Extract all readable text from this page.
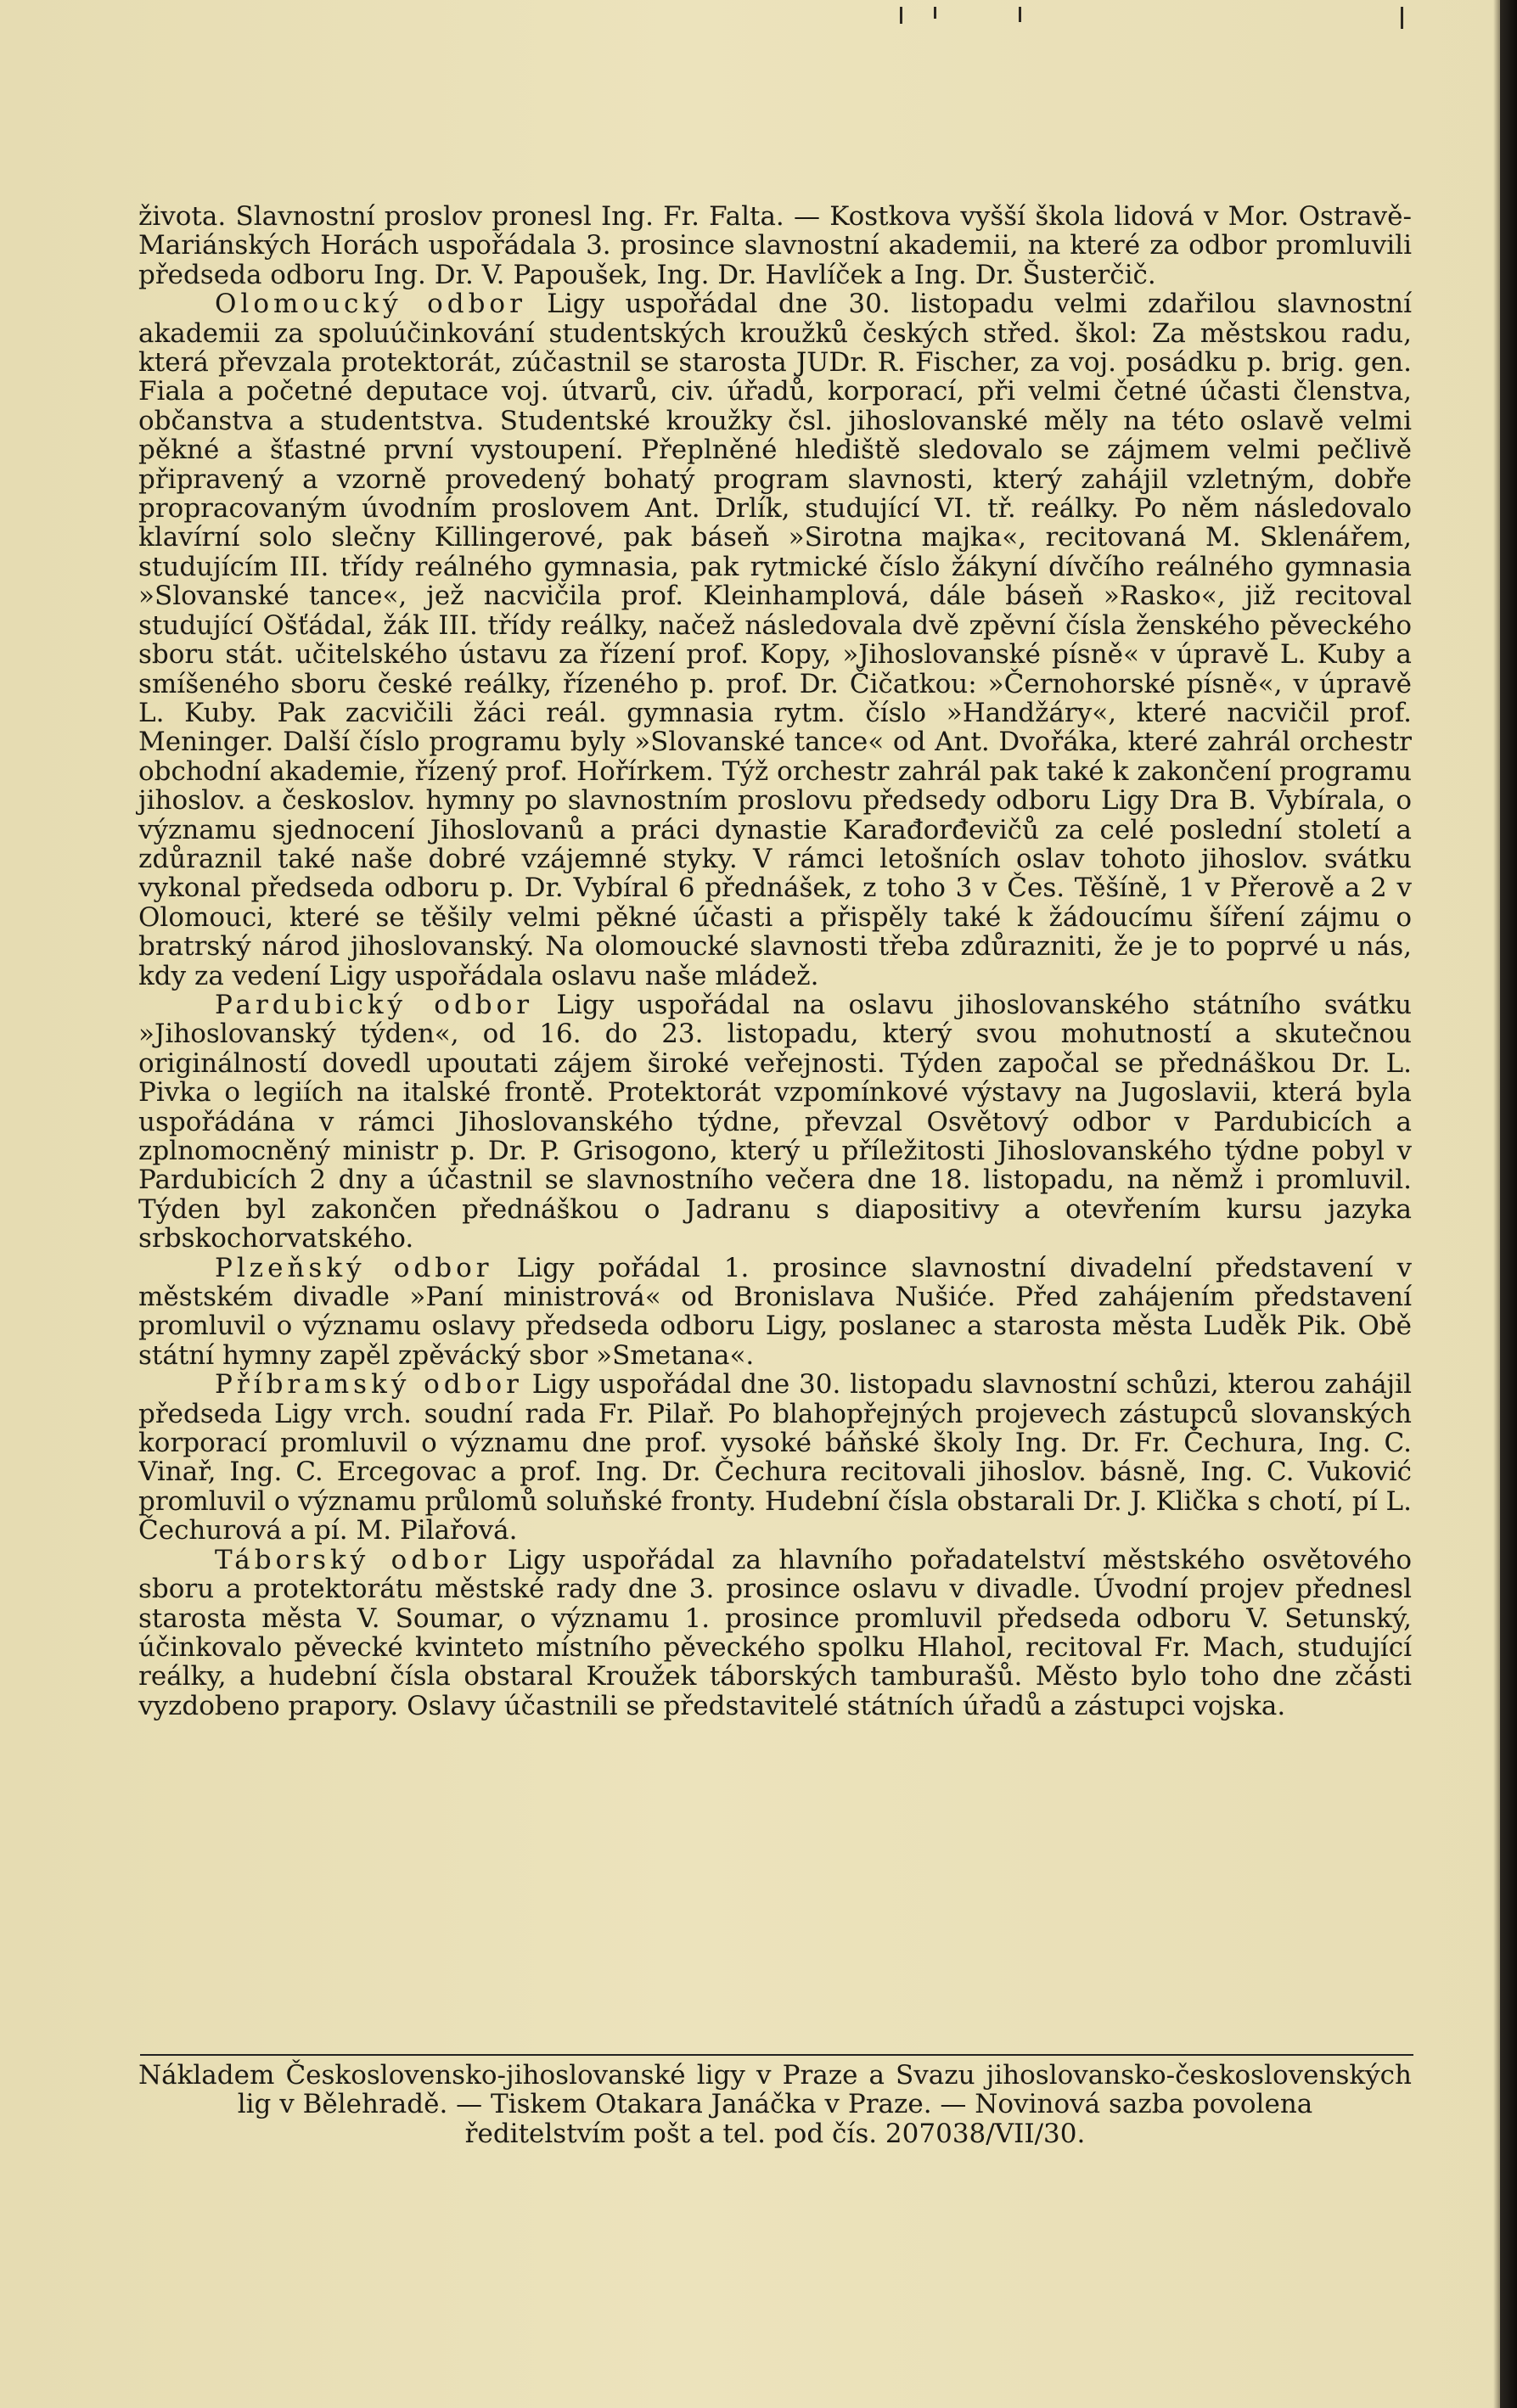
života. Slavnostní proslov pronesl Ing. Fr. Falta. — Kostkova vyšší škola lidová v Mor. Ostravě-Mariánských Horách uspořádala 3. prosince slavnostní akademii, na které za odbor promluvili předseda odboru Ing. Dr. V. Papoušek, Ing. Dr. Havlíček a Ing. Dr. Šusterčič.

Olomoucký odbor Ligy uspořádal dne 30. listopadu velmi zdařilou slavnostní akademii za spoluúčinkování studentských kroužků českých střed. škol: Za městskou radu, která převzala protektorát, zúčastnil se starosta JUDr. R. Fischer, za voj. posádku p. brig. gen. Fiala a početné deputace voj. útvarů, civ. úřadů, korporací, při velmi četné účasti členstva, občanstva a studentstva. Studentské kroužky čsl. jihoslovanské měly na této oslavě velmi pěkné a šťastné první vystoupení. Přeplněné hlediště sledovalo se zájmem velmi pečlivě připravený a vzorně provedený bohatý program slavnosti, který zahájil vzletným, dobře propracovaným úvodním proslovem Ant. Drlík, studující VI. tř. reálky. Po něm následovalo klavírní solo slečny Killingerové, pak báseň »Sirotna majka«, recitovaná M. Sklenářem, studujícím III. třídy reálného gymnasia, pak rytmické číslo žákyní dívčího reálného gymnasia »Slovanské tance«, jež nacvičila prof. Kleinhamplová, dále báseň »Rasko«, již recitoval studující Ošťádal, žák III. třídy reálky, načež následovala dvě zpěvní čísla ženského pěveckého sboru stát. učitelského ústavu za řízení prof. Kopy, »Jihoslovanské písně« v úpravě L. Kuby a smíšeného sboru české reálky, řízeného p. prof. Dr. Čičatkou: »Černohorské písně«, v úpravě L. Kuby. Pak zacvičili žáci reál. gymnasia rytm. číslo »Handžáry«, které nacvičil prof. Meninger. Další číslo programu byly »Slovanské tance« od Ant. Dvořáka, které zahrál orchestr obchodní akademie, řízený prof. Hořírkem. Týž orchestr zahrál pak také k zakončení programu jihoslov. a českoslov. hymny po slavnostním proslovu předsedy odboru Ligy Dra B. Vybírala, o významu sjednocení Jihoslovanů a práci dynastie Karađorđevičů za celé poslední století a zdůraznil také naše dobré vzájemné styky. V rámci letošních oslav tohoto jihoslov. svátku vykonal předseda odboru p. Dr. Vybíral 6 přednášek, z toho 3 v Čes. Těšíně, 1 v Přerově a 2 v Olomouci, které se těšily velmi pěkné účasti a přispěly také k žádoucímu šíření zájmu o bratrský národ jihoslovanský. Na olomoucké slavnosti třeba zdůrazniti, že je to poprvé u nás, kdy za vedení Ligy uspořádala oslavu naše mládež.

Pardubický odbor Ligy uspořádal na oslavu jihoslovanského státního svátku »Jihoslovanský týden«, od 16. do 23. listopadu, který svou mohutností a skutečnou originálností dovedl upoutati zájem široké veřejnosti. Týden započal se přednáškou Dr. L. Pivka o legiích na italské frontě. Protektorát vzpomínkové výstavy na Jugoslavii, která byla uspořádána v rámci Jihoslovanského týdne, převzal Osvětový odbor v Pardubicích a zplnomocněný ministr p. Dr. P. Grisogono, který u příležitosti Jihoslovanského týdne pobyl v Pardubicích 2 dny a účastnil se slavnostního večera dne 18. listopadu, na němž i promluvil. Týden byl zakončen přednáškou o Jadranu s diapositivy a otevřením kursu jazyka srbskochorvatského.

Plzeňský odbor Ligy pořádal 1. prosince slavnostní divadelní představení v městském divadle »Paní ministrová« od Bronislava Nušiće. Před zahájením představení promluvil o významu oslavy předseda odboru Ligy, poslanec a starosta města Luděk Pik. Obě státní hymny zapěl zpěvácký sbor »Smetana«.

Příbramský odbor Ligy uspořádal dne 30. listopadu slavnostní schůzi, kterou zahájil předseda Ligy vrch. soudní rada Fr. Pilař. Po blahopřejných projevech zástupců slovanských korporací promluvil o významu dne prof. vysoké báňské školy Ing. Dr. Fr. Čechura, Ing. C. Vinař, Ing. C. Ercegovac a prof. Ing. Dr. Čechura recitovali jihoslov. básně, Ing. C. Vuković promluvil o významu průlomů soluňské fronty. Hudební čísla obstarali Dr. J. Klička s chotí, pí L. Čechurová a pí. M. Pilařová.

Táborský odbor Ligy uspořádal za hlavního pořadatelství městského osvětového sboru a protektorátu městské rady dne 3. prosince oslavu v divadle. Úvodní projev přednesl starosta města V. Soumar, o významu 1. prosince promluvil předseda odboru V. Setunský, účinkovalo pěvecké kvinteto místního pěveckého spolku Hlahol, recitoval Fr. Mach, studující reálky, a hudební čísla obstaral Kroužek táborských tamburašů. Město bylo toho dne zčásti vyzdobeno prapory. Oslavy účastnili se představitelé státních úřadů a zástupci vojska.

Nákladem Československo-jihoslovanské ligy v Praze a Svazu jihoslovansko-československých lig v Bělehradě. — Tiskem Otakara Janáčka v Praze. — Novinová sazba povolena
ředitelstvím pošt a tel. pod čís. 207038/VII/30.
